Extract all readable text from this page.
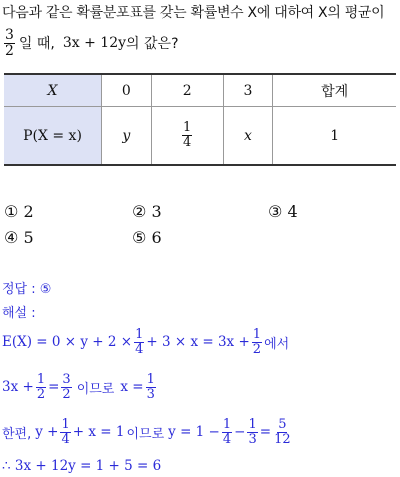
다음과 같은 확률분포표를 갖는 확률변수 X에 대하여 X의 평균이
$\frac{3}{2}$ 일 때, 3x + 12y 의 값은?
X	0	2	3	합계
P(X = x)	y	$\frac{1}{4}$	x	1
① 2	② 3	③ 4
④ 5	⑤ 6
정답 : ⑤
해설 :
$E(X) = 0 \times y + 2 \times \frac{1}{4} + 3 \times x = 3x + \frac{1}{2}$ 에서
$3x + \frac{1}{2} = \frac{3}{2}$ 이므로 $x = \frac{1}{3}$
한편, $y + \frac{1}{4} + x = 1$ 이므로 $y = 1 - \frac{1}{4} - \frac{1}{3} = \frac{5}{12}$
∴ 3x + 12y = 1 + 5 = 6
